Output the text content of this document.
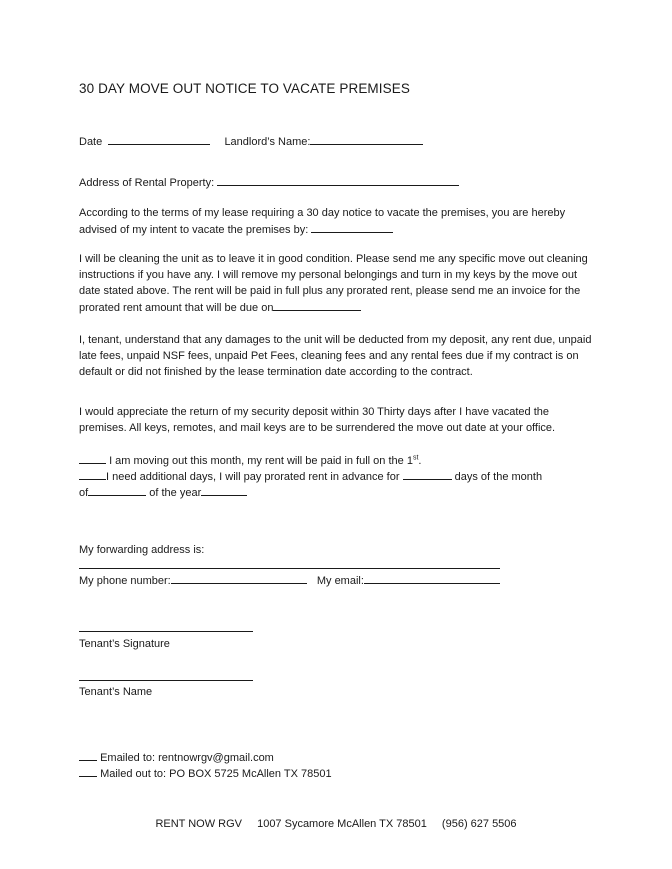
30 DAY MOVE OUT NOTICE TO VACATE PREMISES
Date	Landlord’s Name:
Address of Rental Property:
According to the terms of my lease requiring a 30 day notice to vacate the premises, you are hereby advised of my intent to vacate the premises by:
I will be cleaning the unit as to leave it in good condition. Please send me any specific move out cleaning instructions if you have any. I will remove my personal belongings and turn in my keys by the move out date stated above. The rent will be paid in full plus any prorated rent, please send me an invoice for the prorated rent amount that will be due on
I, tenant, understand that any damages to the unit will be deducted from my deposit, any rent due, unpaid late fees, unpaid NSF fees, unpaid Pet Fees, cleaning fees and any rental fees due if my contract is on default or did not finished by the lease termination date according to the contract.
I would appreciate the return of my security deposit within 30 Thirty days after I have vacated the premises. All keys, remotes, and mail keys are to be surrendered the move out date at your office.
I am moving out this month, my rent will be paid in full on the 1st.
I need additional days, I will pay prorated rent in advance for	days of the month
of	of the year
My forwarding address is:
My phone number:	My email:
Tenant’s Signature
Tenant’s Name
Emailed to: rentnowrgv@gmail.com
Mailed out to: PO BOX 5725 McAllen TX 78501
RENT NOW RGV 1007 Sycamore McAllen TX 78501 (956) 627 5506
